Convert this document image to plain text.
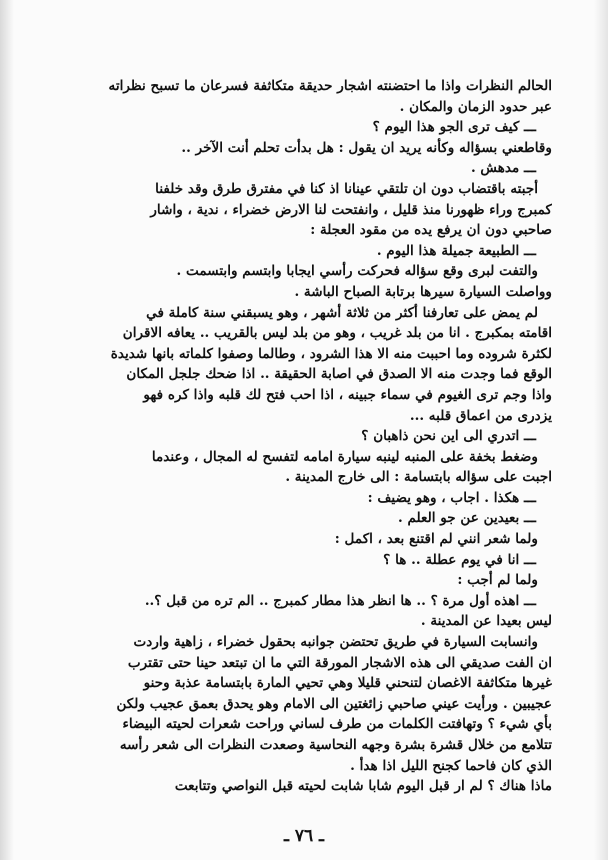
الحالم النظرات واذا ما احتضنته اشجار حديقة متكاثفة فسرعان ما تسبح نظراته
عبر حدود الزمان والمكان .
ـــ كيف ترى الجو هذا اليوم ؟
وقاطعني بسؤاله وكأنه يريد ان يقول : هل بدأت تحلم أنت الآخر ..
ـــ مدهش .
أجبته باقتضاب دون ان تلتقي عينانا اذ كنا في مفترق طرق وقد خلفنا
كمبرج وراء ظهورنا منذ قليل ، وانفتحت لنا الارض خضراء ، ندية ، واشار
صاحبي دون ان يرفع يده من مقود العجلة :
ـــ الطبيعة جميلة هذا اليوم .
والتفت لبرى وقع سؤاله فحركت رأسي ايجابا وابتسم وابتسمت .
وواصلت السيارة سيرها برتابة الصباح الباشة .
لم يمض على تعارفنا أكثر من ثلاثة أشهر ، وهو يسبقني سنة كاملة في
اقامته بمكبرج . انا من بلد غريب ، وهو من بلد ليس بالقريب .. يعافه الاقران
لكثرة شروده وما احببت منه الا هذا الشرود ، وطالما وصفوا كلماته بانها شديدة
الوقع فما وجدت منه الا الصدق في اصابة الحقيقة .. اذا ضحك جلجل المكان
واذا وجم ترى الغيوم في سماء جبينه ، اذا احب فتح لك قلبه واذا كره فهو
يزدرى من اعماق قلبه ...
ـــ اتدري الى اين نحن ذاهبان ؟
وضغط بخفة على المنبه لينبه سيارة امامه لتفسح له المجال ، وعندما
اجبت على سؤاله بابتسامة : الى خارج المدينة .
ـــ هكذا . اجاب ، وهو يضيف :
ـــ بعيدين عن جو العلم .
ولما شعر انني لم اقتنع بعد ، اكمل :
ـــ انا في يوم عطلة .. ها ؟
ولما لم أجب :
ـــ اهذه أول مرة ؟ .. ها انظر هذا مطار كمبرج .. الم تره من قبل ؟..
ليس بعيدا عن المدينة .
وانسابت السيارة في طريق تحتضن جوانبه بحقول خضراء ، زاهية واردت
ان الفت صديقي الى هذه الاشجار المورقة التي ما ان تبتعد حينا حتى تقترب
غيرها متكاثفة الاغصان لتنحني قليلا وهي تحيي المارة بابتسامة عذبة وحنو
عجيبين . ورأيت عيني صاحبي زائغتين الى الامام وهو يحدق بعمق عجيب ولكن
بأي شيء ؟ وتهافتت الكلمات من طرف لساني وراحت شعرات لحيته البيضاء
تتلامع من خلال قشرة بشرة وجهه النحاسية وصعدت النظرات الى شعر رأسه
الذي كان فاحما كجنح الليل اذا هدأ .
ماذا هناك ؟ لم ار قبل اليوم شابا شابت لحيته قبل النواصي وتتابعت
ـ ٧٦ ـ
